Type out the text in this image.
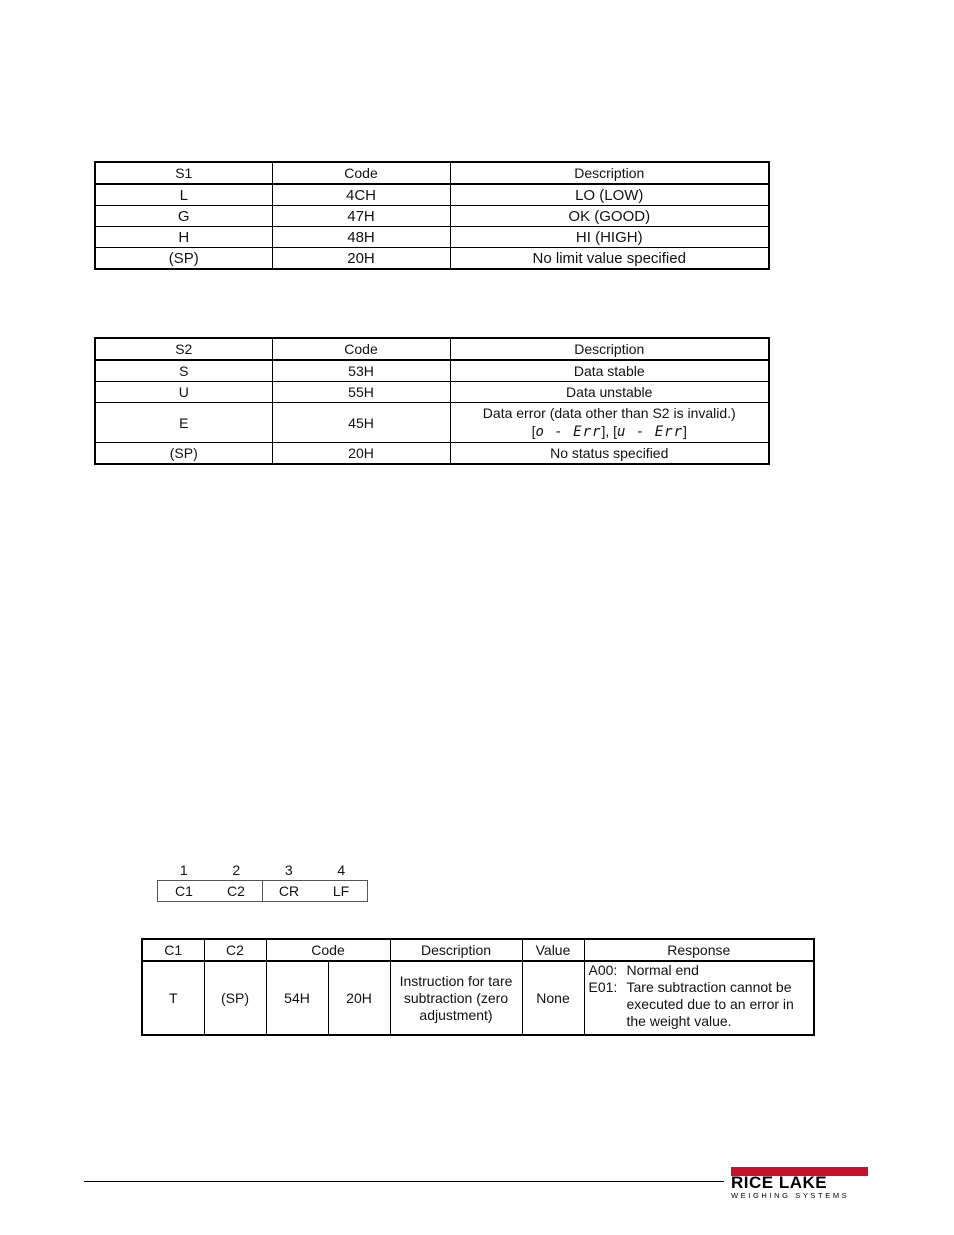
S1	Code	Description
L	4CH	LO (LOW)
G	47H	OK (GOOD)
H	48H	HI (HIGH)
(SP)	20H	No limit value specified
S2	Code	Description
S	53H	Data stable
U	55H	Data unstable
E	45H	Data error (data other than S2 is invalid.)
[o - Err], [u - Err]

(SP)	20H	No status specified
1	2	3	4
C1	C2	CR	LF
C1	C2	Code		Description	Value	Response
T	(SP)	54H	20H	Instruction for tare subtraction (zero adjustment)	None	A00: Normal end
E01: Tare subtraction cannot be executed due to an error in the weight value.
RICE LAKE
WEIGHING SYSTEMS
